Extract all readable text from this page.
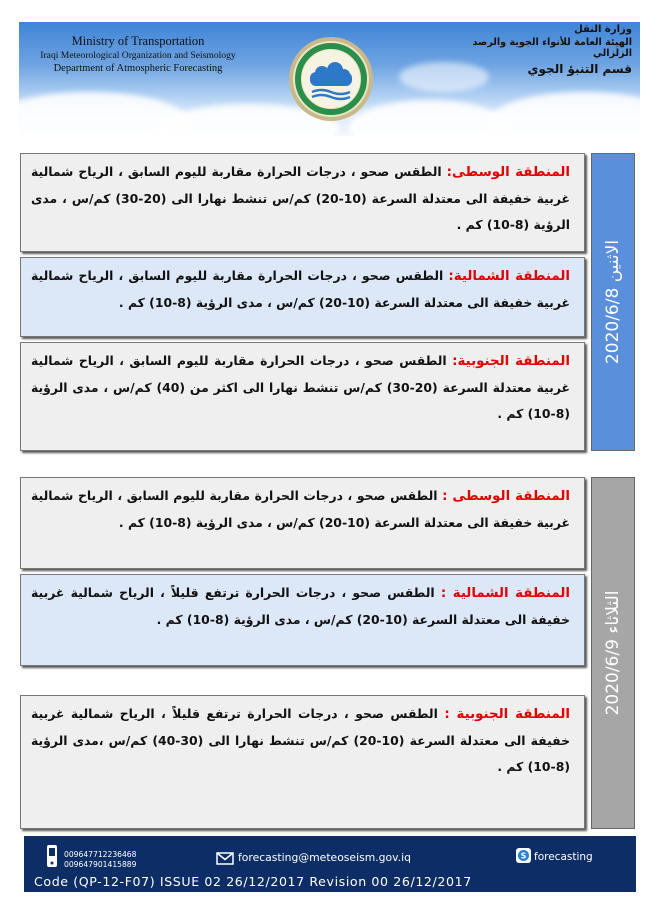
Ministry of Transportation
Iraqi Meteorological Organization and Seismology
Department of Atmospheric Forecasting
وزارة النقل
الهيئة العامة للأنواء الجوية والرصد الزلزالي
قسم التنبؤ الجوي
الاثنين 2020/6/8

المنطقة الوسطى: الطقس صحو ، درجات الحرارة مقاربة لليوم السابق ، الرياح شمالية غربية خفيفة الى معتدلة السرعة (10-20) كم/س تنشط نهارا الى (20-30) كم/س ، مدى الرؤية (8-10) كم .

المنطقة الشمالية: الطقس صحو ، درجات الحرارة مقاربة لليوم السابق ، الرياح شمالية غربية خفيفة الى معتدلة السرعة (10-20) كم/س ، مدى الرؤية (8-10) كم .

المنطقة الجنوبية: الطقس صحو ، درجات الحرارة مقاربة لليوم السابق ، الرياح شمالية غربية معتدلة السرعة (20-30) كم/س تنشط نهارا الى اكثر من (40) كم/س ، مدى الرؤية (8-10) كم .

الثلاثاء 2020/6/9

المنطقة الوسطى : الطقس صحو ، درجات الحرارة مقاربة لليوم السابق ، الرياح شمالية غربية خفيفة الى معتدلة السرعة (10-20) كم/س ، مدى الرؤية (8-10) كم .

المنطقة الشمالية : الطقس صحو ، درجات الحرارة ترتفع قليلاً ، الرياح شمالية غربية خفيفة الى معتدلة السرعة (10-20) كم/س ، مدى الرؤية (8-10) كم .

المنطقة الجنوبية : الطقس صحو ، درجات الحرارة ترتفع قليلاً ، الرياح شمالية غربية خفيفة الى معتدلة السرعة (10-20) كم/س تنشط نهارا الى (30-40) كم/س ،مدى الرؤية (8-10) كم .

009647712236468
009647901415889
forecasting@meteoseism.gov.iq	S forecasting
Code (QP-12-F07) ISSUE 02 26/12/2017 Revision 00 26/12/2017
